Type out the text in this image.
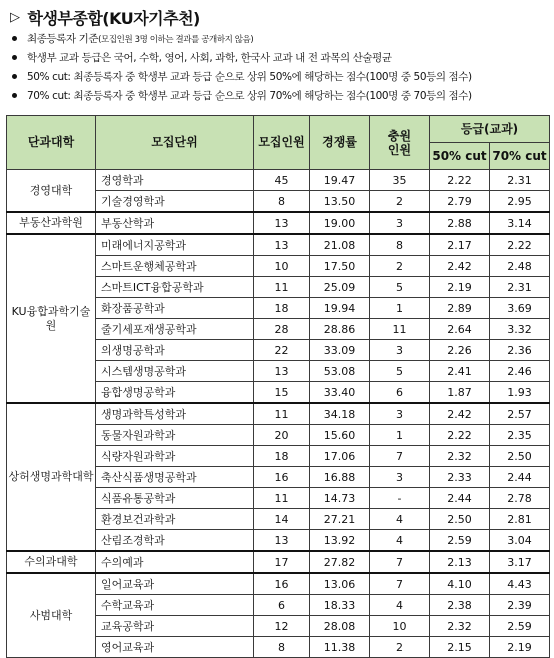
▷ 학생부종합(KU자기추천)
최종등록자 기준(모집인원 3명 이하는 결과를 공개하지 않음)
학생부 교과 등급은 국어, 수학, 영어, 사회, 과학, 한국사 교과 내 전 과목의 산술평균
50% cut: 최종등록자 중 학생부 교과 등급 순으로 상위 50%에 해당하는 점수(100명 중 50등의 점수)
70% cut: 최종등록자 중 학생부 교과 등급 순으로 상위 70%에 해당하는 점수(100명 중 70등의 점수)
단과대학	모집단위	모집인원	경쟁률	충원
인원	등급(교과)	
					50% cut	70% cut
경영대학	경영학과	45	19.47	35	2.22	2.31
	기술경영학과	8	13.50	2	2.79	2.95
부동산과학원	부동산학과	13	19.00	3	2.88	3.14
KU융합과학기술원	미래에너지공학과	13	21.08	8	2.17	2.22
	스마트운행체공학과	10	17.50	2	2.42	2.48
	스마트ICT융합공학과	11	25.09	5	2.19	2.31
	화장품공학과	18	19.94	1	2.89	3.69
	줄기세포재생공학과	28	28.86	11	2.64	3.32
	의생명공학과	22	33.09	3	2.26	2.36
	시스템생명공학과	13	53.08	5	2.41	2.46
	융합생명공학과	15	33.40	6	1.87	1.93
상허생명과학대학	생명과학특성학과	11	34.18	3	2.42	2.57
	동물자원과학과	20	15.60	1	2.22	2.35
	식량자원과학과	18	17.06	7	2.32	2.50
	축산식품생명공학과	16	16.88	3	2.33	2.44
	식품유통공학과	11	14.73	-	2.44	2.78
	환경보건과학과	14	27.21	4	2.50	2.81
	산림조경학과	13	13.92	4	2.59	3.04
수의과대학	수의예과	17	27.82	7	2.13	3.17
사범대학	일어교육과	16	13.06	7	4.10	4.43
	수학교육과	6	18.33	4	2.38	2.39
	교육공학과	12	28.08	10	2.32	2.59
	영어교육과	8	11.38	2	2.15	2.19
